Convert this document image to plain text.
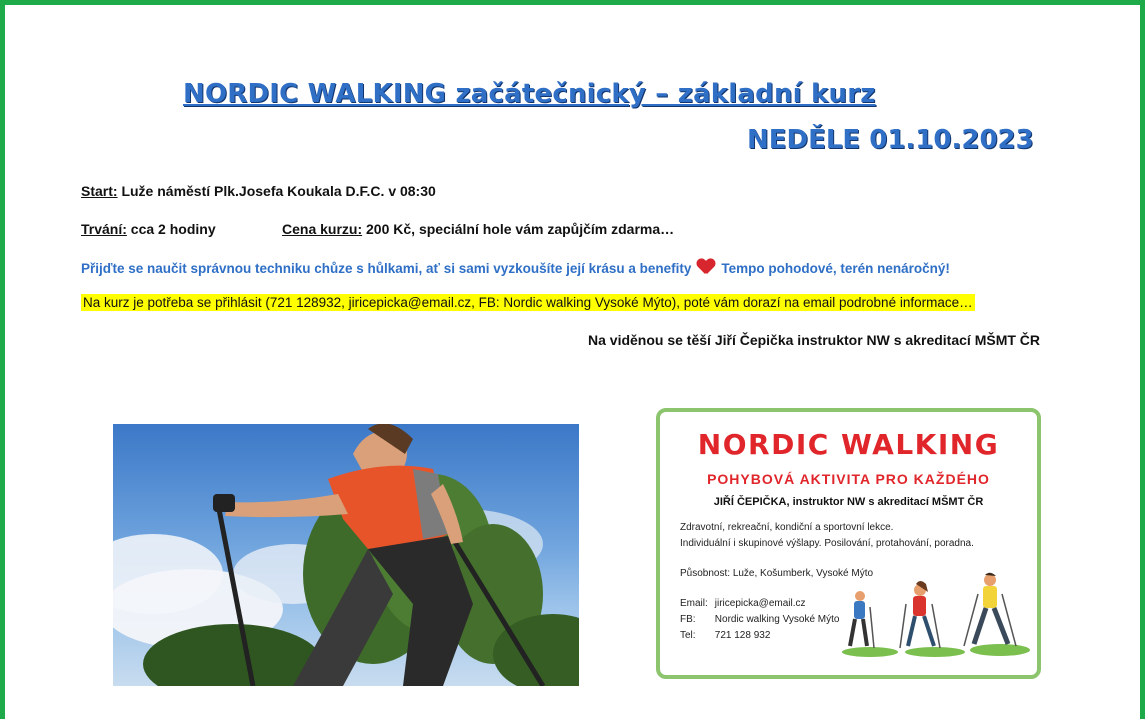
NORDIC WALKING začátečnický – základní kurz
NEDĚLE 01.10.2023
Start: Luže náměstí Plk.Josefa Koukala D.F.C. v 08:30
Trvání: cca 2 hodiny	Cena kurzu: 200 Kč, speciální hole vám zapůjčím zdarma…
Přijďte se naučit správnou techniku chůze s hůlkami, ať si sami vyzkoušíte její krásu a benefity Tempo pohodové, terén nenáročný!
Na kurz je potřeba se přihlásit (721 128932, jiricepicka@email.cz, FB: Nordic walking Vysoké Mýto), poté vám dorazí na email podrobné informace…
Na viděnou se těší Jiří Čepička instruktor NW s akreditací MŠMT ČR
NORDIC WALKING
POHYBOVÁ AKTIVITA PRO KAŽDÉHO
JIŘÍ ČEPIČKA, instruktor NW s akreditací MŠMT ČR
Zdravotní, rekreační, kondiční a sportovní lekce.
Individuální i skupinové výšlapy. Posilování, protahování, poradna.
Působnost: Luže, Košumberk, Vysoké Mýto
Email: jiricepicka@email.cz
FB: Nordic walking Vysoké Mýto
Tel: 721 128 932
